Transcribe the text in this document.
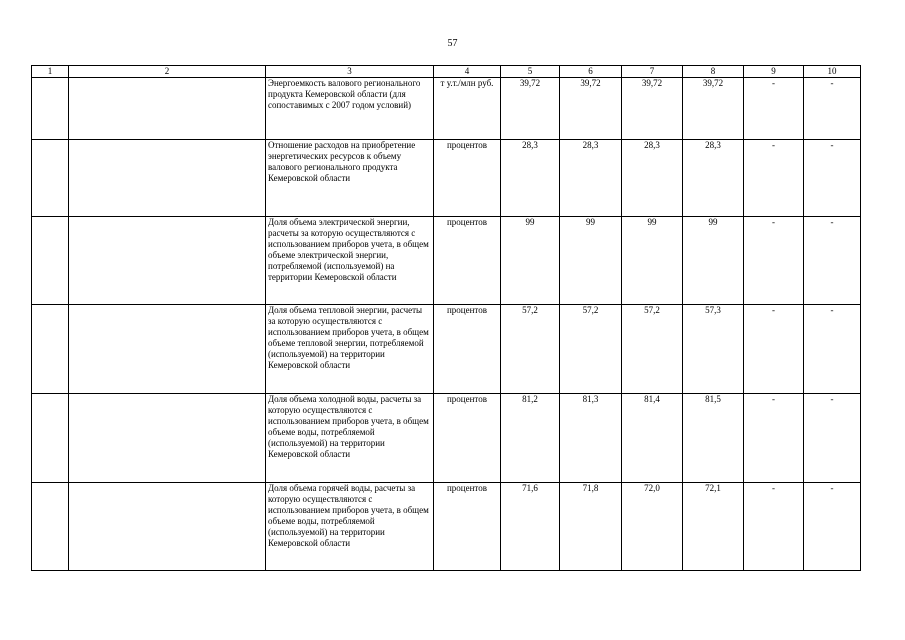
57
1	2	3	4	5	6	7	8	9	10
		Энергоемкость валового регионального продукта Кемеровской области (для сопоставимых с 2007 годом условий)	т у.т./млн руб.	39,72	39,72	39,72	39,72	-	-
		Отношение расходов на приобретение энергетических ресурсов к объему валового регионального продукта Кемеровской области	процентов	28,3	28,3	28,3	28,3	-	-
		Доля объема электрической энергии, расчеты за которую осуществляются с использованием приборов учета, в общем объеме электрической энергии, потребляемой (используемой) на территории Кемеровской области	процентов	99	99	99	99	-	-
		Доля объема тепловой энергии, расчеты за которую осуществляются с использованием приборов учета, в общем объеме тепловой энергии, потребляемой (используемой) на территории Кемеровской области	процентов	57,2	57,2	57,2	57,3	-	-
		Доля объема холодной воды, расчеты за которую осуществляются с использованием приборов учета, в общем объеме воды, потребляемой (используемой) на территории Кемеровской области	процентов	81,2	81,3	81,4	81,5	-	-
		Доля объема горячей воды, расчеты за которую осуществляются с использованием приборов учета, в общем объеме воды, потребляемой (используемой) на территории Кемеровской области	процентов	71,6	71,8	72,0	72,1	-	-
